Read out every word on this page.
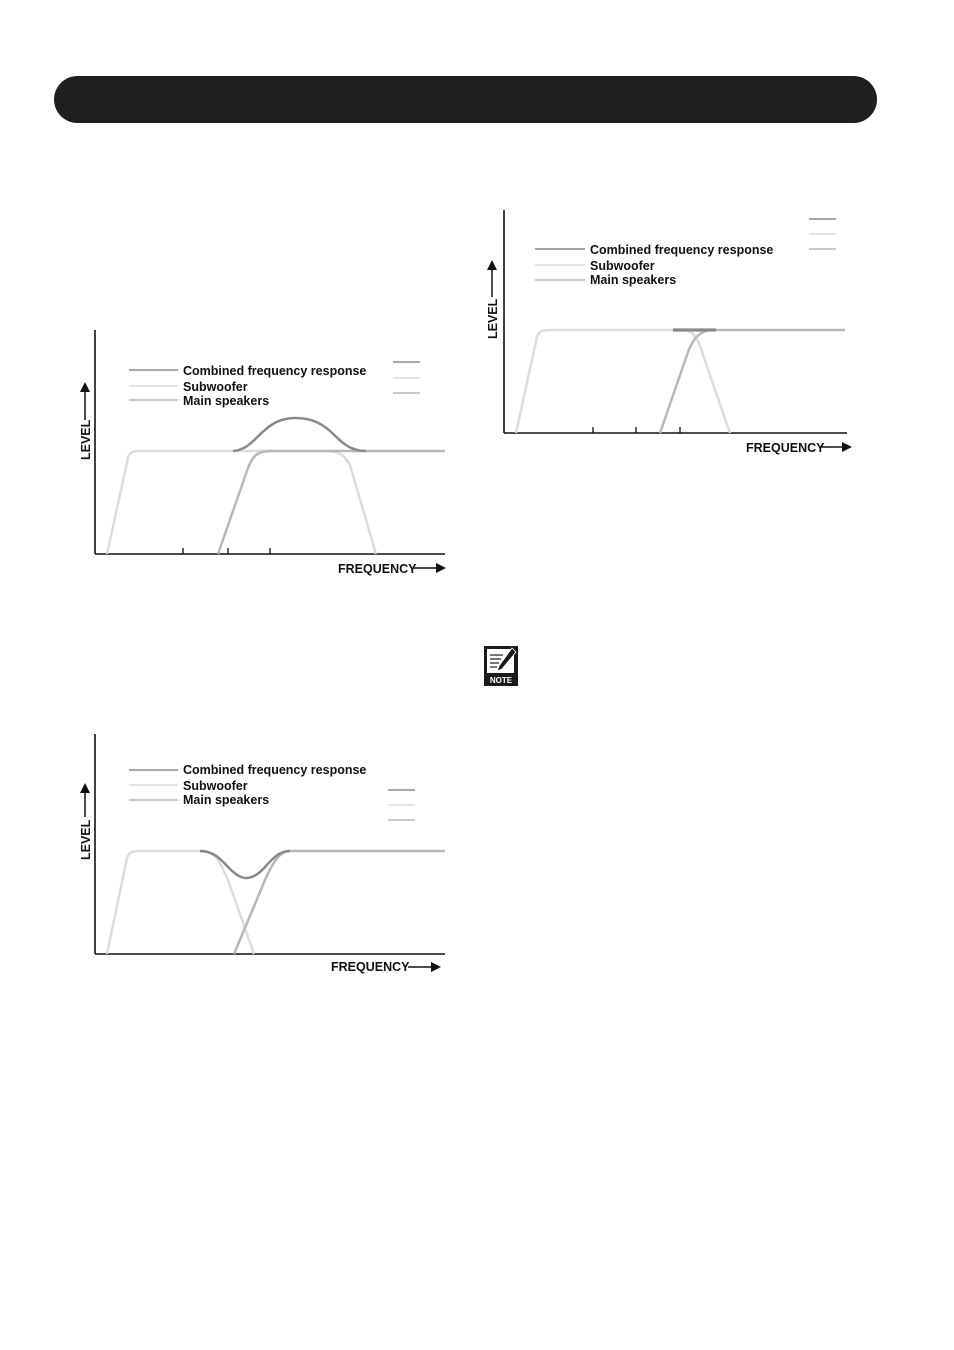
LEVEL
FREQUENCY
Combined frequency response
Subwoofer
Main speakers
LEVEL
FREQUENCY
Combined frequency response
Subwoofer
Main speakers
LEVEL
FREQUENCY
Combined frequency response
Subwoofer
Main speakers
NOTE
